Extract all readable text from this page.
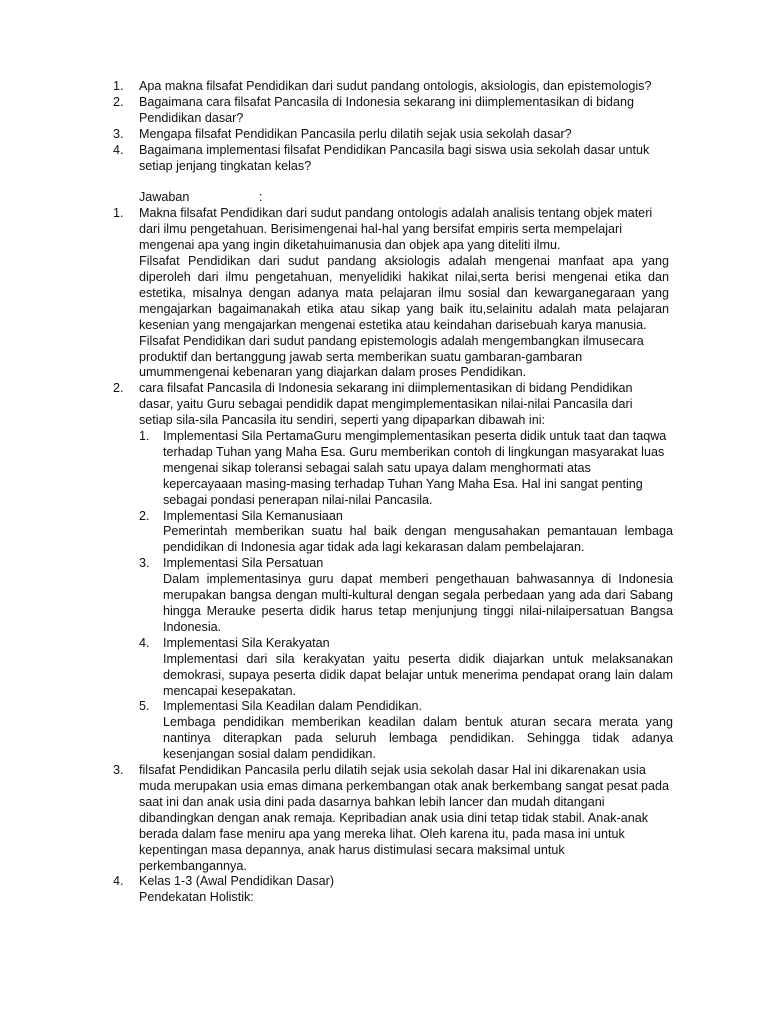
1. Apa makna filsafat Pendidikan dari sudut pandang ontologis, aksiologis, dan epistemologis?
2. Bagaimana cara filsafat Pancasila di Indonesia sekarang ini diimplementasikan di bidang Pendidikan dasar?
3. Mengapa filsafat Pendidikan Pancasila perlu dilatih sejak usia sekolah dasar?
4. Bagaimana implementasi filsafat Pendidikan Pancasila bagi siswa usia sekolah dasar untuk setiap jenjang tingkatan kelas?
Jawaban	:
1. Makna filsafat Pendidikan dari sudut pandang ontologis adalah analisis tentang objek materi dari ilmu pengetahuan. Berisimengenai hal-hal yang bersifat empiris serta mempelajari mengenai apa yang ingin diketahuimanusia dan objek apa yang diteliti ilmu.
Filsafat Pendidikan dari sudut pandang aksiologis adalah mengenai manfaat apa yang diperoleh dari ilmu pengetahuan, menyelidiki hakikat nilai,serta berisi mengenai etika dan estetika, misalnya dengan adanya mata pelajaran ilmu sosial dan kewarganegaraan yang mengajarkan bagaimanakah etika atau sikap yang baik itu,selainitu adalah mata pelajaran kesenian yang mengajarkan mengenai estetika atau keindahan darisebuah karya manusia.
Filsafat Pendidikan dari sudut pandang epistemologis adalah mengembangkan ilmusecara produktif dan bertanggung jawab serta memberikan suatu gambaran-gambaran umummengenai kebenaran yang diajarkan dalam proses Pendidikan.
2. cara filsafat Pancasila di Indonesia sekarang ini diimplementasikan di bidang Pendidikan dasar, yaitu Guru sebagai pendidik dapat mengimplementasikan nilai-nilai Pancasila dari setiap sila-sila Pancasila itu sendiri, seperti yang dipaparkan dibawah ini:
1. Implementasi Sila PertamaGuru mengimplementasikan peserta didik untuk taat dan taqwa terhadap Tuhan yang Maha Esa. Guru memberikan contoh di lingkungan masyarakat luas mengenai sikap toleransi sebagai salah satu upaya dalam menghormati atas kepercayaaan masing-masing terhadap Tuhan Yang Maha Esa. Hal ini sangat penting sebagai pondasi penerapan nilai-nilai Pancasila.
2. Implementasi Sila Kemanusiaan
Pemerintah memberikan suatu hal baik dengan mengusahakan pemantauan lembaga pendidikan di Indonesia agar tidak ada lagi kekarasan dalam pembelajaran.
3. Implementasi Sila Persatuan
Dalam implementasinya guru dapat memberi pengethauan bahwasannya di Indonesia merupakan bangsa dengan multi-kultural dengan segala perbedaan yang ada dari Sabang hingga Merauke peserta didik harus tetap menjunjung tinggi nilai-nilaipersatuan Bangsa Indonesia.
4. Implementasi Sila Kerakyatan
Implementasi dari sila kerakyatan yaitu peserta didik diajarkan untuk melaksanakan demokrasi, supaya peserta didik dapat belajar untuk menerima pendapat orang lain dalam mencapai kesepakatan.
5. Implementasi Sila Keadilan dalam Pendidikan.
Lembaga pendidikan memberikan keadilan dalam bentuk aturan secara merata yang nantinya diterapkan pada seluruh lembaga pendidikan. Sehingga tidak adanya kesenjangan sosial dalam pendidikan.
3. filsafat Pendidikan Pancasila perlu dilatih sejak usia sekolah dasar Hal ini dikarenakan usia muda merupakan usia emas dimana perkembangan otak anak berkembang sangat pesat pada saat ini dan anak usia dini pada dasarnya bahkan lebih lancer dan mudah ditangani dibandingkan dengan anak remaja. Kepribadian anak usia dini tetap tidak stabil. Anak-anak berada dalam fase meniru apa yang mereka lihat. Oleh karena itu, pada masa ini untuk kepentingan masa depannya, anak harus distimulasi secara maksimal untuk perkembangannya.
4. Kelas 1-3 (Awal Pendidikan Dasar)
Pendekatan Holistik:
